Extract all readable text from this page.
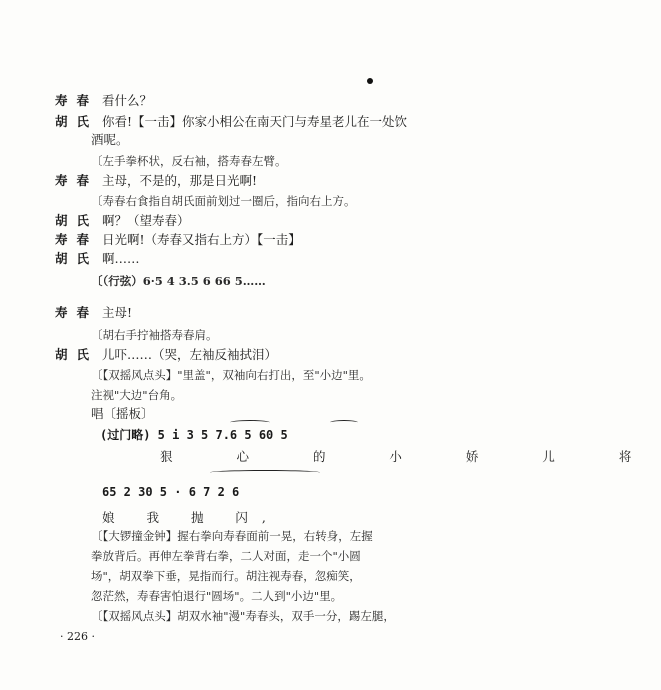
寿春 看什么？
胡氏 你看!【一击】你家小相公在南天门与寿星老儿在一处饮
酒呢。
〔左手拳杯状，反右袖，搭寿春左臂。
寿春 主母，不是的，那是日光啊!
〔寿春右食指自胡氏面前划过一圈后，指向右上方。
胡氏 啊？（望寿春）
寿春 日光啊!（寿春又指右上方）【一击】
胡氏 啊……
〔（行弦）6·5 4 3.5 6 66 5……
寿春 主母!
〔胡右手拧袖搭寿春肩。
胡氏 儿吓……（哭，左袖反袖拭泪）
〔【双摇风点头】"里盖"，双袖向右打出，至"小边"里。
注视"大边"台角。
唱〔摇板〕
(过门略) 5 i 3 5 7.6 5 60 5
狠 心 的 小 娇 儿 将
65 2 30 5 · 6 7 2 6
娘 我 抛 闪,
〔【大锣撞金钟】握右拳向寿春面前一晃，右转身，左握
拳放背后。再伸左拳背右拳，二人对面，走一个"小圆
场"，胡双拳下垂，晃指而行。胡注视寿春，忽痴笑，
忽茫然，寿春害怕退行"圆场"。二人到"小边"里。
〔【双摇风点头】胡双水袖"漫"寿春头，双手一分，踢左腿，
· 226 ·
